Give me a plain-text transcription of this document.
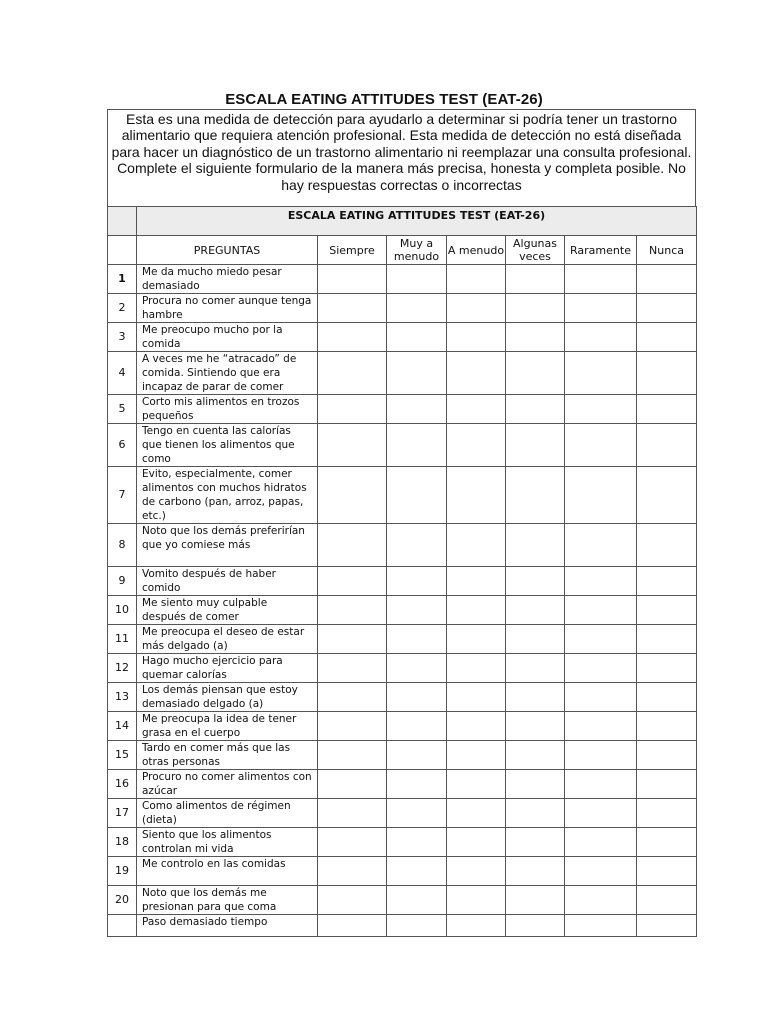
ESCALA EATING ATTITUDES TEST (EAT-26)
Esta es una medida de detección para ayudarlo a determinar si podría tener un trastorno alimentario que requiera atención profesional. Esta medida de detección no está diseñada para hacer un diagnóstico de un trastorno alimentario ni reemplazar una consulta profesional. Complete el siguiente formulario de la manera más precisa, honesta y completa posible. No hay respuestas correctas o incorrectas
	ESCALA EATING ATTITUDES TEST (EAT-26)						
	PREGUNTAS	Siempre	Muy a menudo	A menudo	Algunas veces	Raramente	Nunca
1	Me da mucho miedo pesar demasiado						
2	Procura no comer aunque tenga hambre						
3	Me preocupo mucho por la comida						
4	A veces me he “atracado” de comida. Sintiendo que era incapaz de parar de comer						
5	Corto mis alimentos en trozos pequeños						
6	Tengo en cuenta las calorías que tienen los alimentos que como						
7	Evito, especialmente, comer alimentos con muchos hidratos de carbono (pan, arroz, papas, etc.)						
8	Noto que los demás preferirían que yo comiese más						
9	Vomito después de haber comido						
10	Me siento muy culpable después de comer						
11	Me preocupa el deseo de estar más delgado (a)						
12	Hago mucho ejercicio para quemar calorías						
13	Los demás piensan que estoy demasiado delgado (a)						
14	Me preocupa la idea de tener grasa en el cuerpo						
15	Tardo en comer más que las otras personas						
16	Procuro no comer alimentos con azúcar						
17	Como alimentos de régimen (dieta)						
18	Siento que los alimentos controlan mi vida						
19	Me controlo en las comidas						
20	Noto que los demás me presionan para que coma						
	Paso demasiado tiempo						
